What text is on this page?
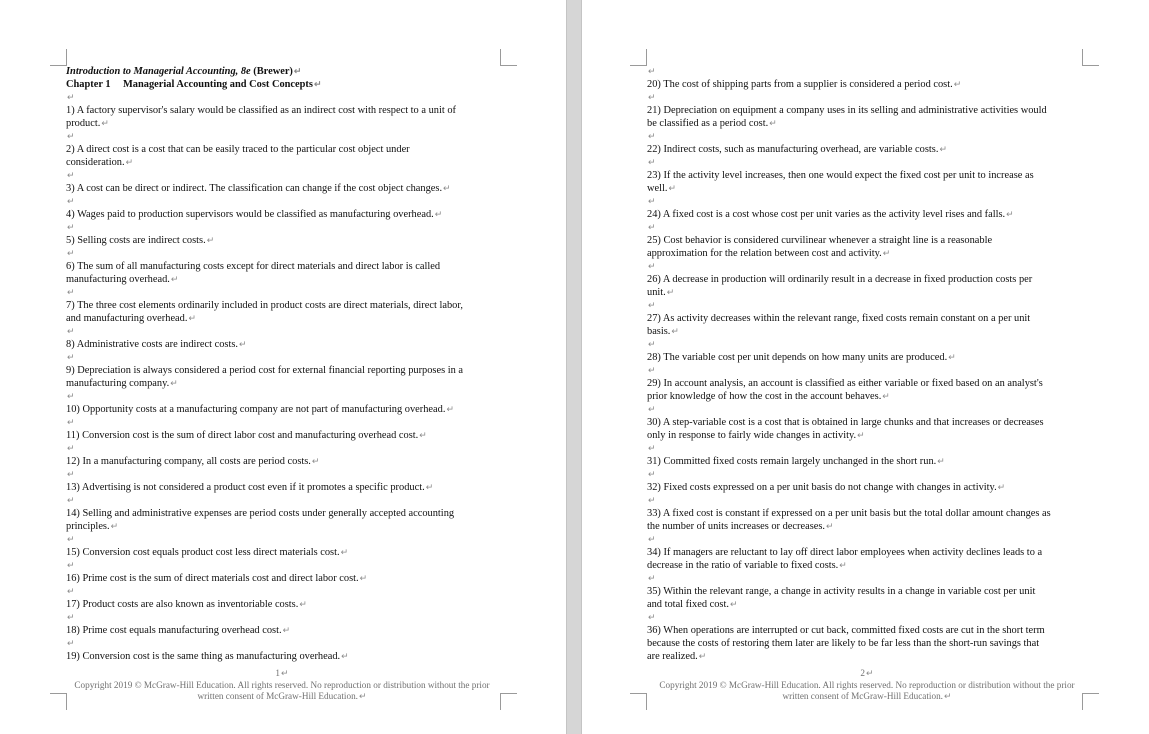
Introduction to Managerial Accounting, 8e (Brewer)↵
Chapter 1 Managerial Accounting and Cost Concepts↵
↵
1) A factory supervisor's salary would be classified as an indirect cost with respect to a unit of
product.↵
↵
2) A direct cost is a cost that can be easily traced to the particular cost object under
consideration.↵
↵
3) A cost can be direct or indirect. The classification can change if the cost object changes.↵
↵
4) Wages paid to production supervisors would be classified as manufacturing overhead.↵
↵
5) Selling costs are indirect costs.↵
↵
6) The sum of all manufacturing costs except for direct materials and direct labor is called
manufacturing overhead.↵
↵
7) The three cost elements ordinarily included in product costs are direct materials, direct labor,
and manufacturing overhead.↵
↵
8) Administrative costs are indirect costs.↵
↵
9) Depreciation is always considered a period cost for external financial reporting purposes in a
manufacturing company.↵
↵
10) Opportunity costs at a manufacturing company are not part of manufacturing overhead.↵
↵
11) Conversion cost is the sum of direct labor cost and manufacturing overhead cost.↵
↵
12) In a manufacturing company, all costs are period costs.↵
↵
13) Advertising is not considered a product cost even if it promotes a specific product.↵
↵
14) Selling and administrative expenses are period costs under generally accepted accounting
principles.↵
↵
15) Conversion cost equals product cost less direct materials cost.↵
↵
16) Prime cost is the sum of direct materials cost and direct labor cost.↵
↵
17) Product costs are also known as inventoriable costs.↵
↵
18) Prime cost equals manufacturing overhead cost.↵
↵
19) Conversion cost is the same thing as manufacturing overhead.↵
1↵
Copyright 2019 © McGraw-Hill Education. All rights reserved. No reproduction or distribution without the prior
written consent of McGraw-Hill Education.↵
↵
20) The cost of shipping parts from a supplier is considered a period cost.↵
↵
21) Depreciation on equipment a company uses in its selling and administrative activities would
be classified as a period cost.↵
↵
22) Indirect costs, such as manufacturing overhead, are variable costs.↵
↵
23) If the activity level increases, then one would expect the fixed cost per unit to increase as
well.↵
↵
24) A fixed cost is a cost whose cost per unit varies as the activity level rises and falls.↵
↵
25) Cost behavior is considered curvilinear whenever a straight line is a reasonable
approximation for the relation between cost and activity.↵
↵
26) A decrease in production will ordinarily result in a decrease in fixed production costs per
unit.↵
↵
27) As activity decreases within the relevant range, fixed costs remain constant on a per unit
basis.↵
↵
28) The variable cost per unit depends on how many units are produced.↵
↵
29) In account analysis, an account is classified as either variable or fixed based on an analyst's
prior knowledge of how the cost in the account behaves.↵
↵
30) A step-variable cost is a cost that is obtained in large chunks and that increases or decreases
only in response to fairly wide changes in activity.↵
↵
31) Committed fixed costs remain largely unchanged in the short run.↵
↵
32) Fixed costs expressed on a per unit basis do not change with changes in activity.↵
↵
33) A fixed cost is constant if expressed on a per unit basis but the total dollar amount changes as
the number of units increases or decreases.↵
↵
34) If managers are reluctant to lay off direct labor employees when activity declines leads to a
decrease in the ratio of variable to fixed costs.↵
↵
35) Within the relevant range, a change in activity results in a change in variable cost per unit
and total fixed cost.↵
↵
36) When operations are interrupted or cut back, committed fixed costs are cut in the short term
because the costs of restoring them later are likely to be far less than the short-run savings that
are realized.↵
2↵
Copyright 2019 © McGraw-Hill Education. All rights reserved. No reproduction or distribution without the prior
written consent of McGraw-Hill Education.↵
